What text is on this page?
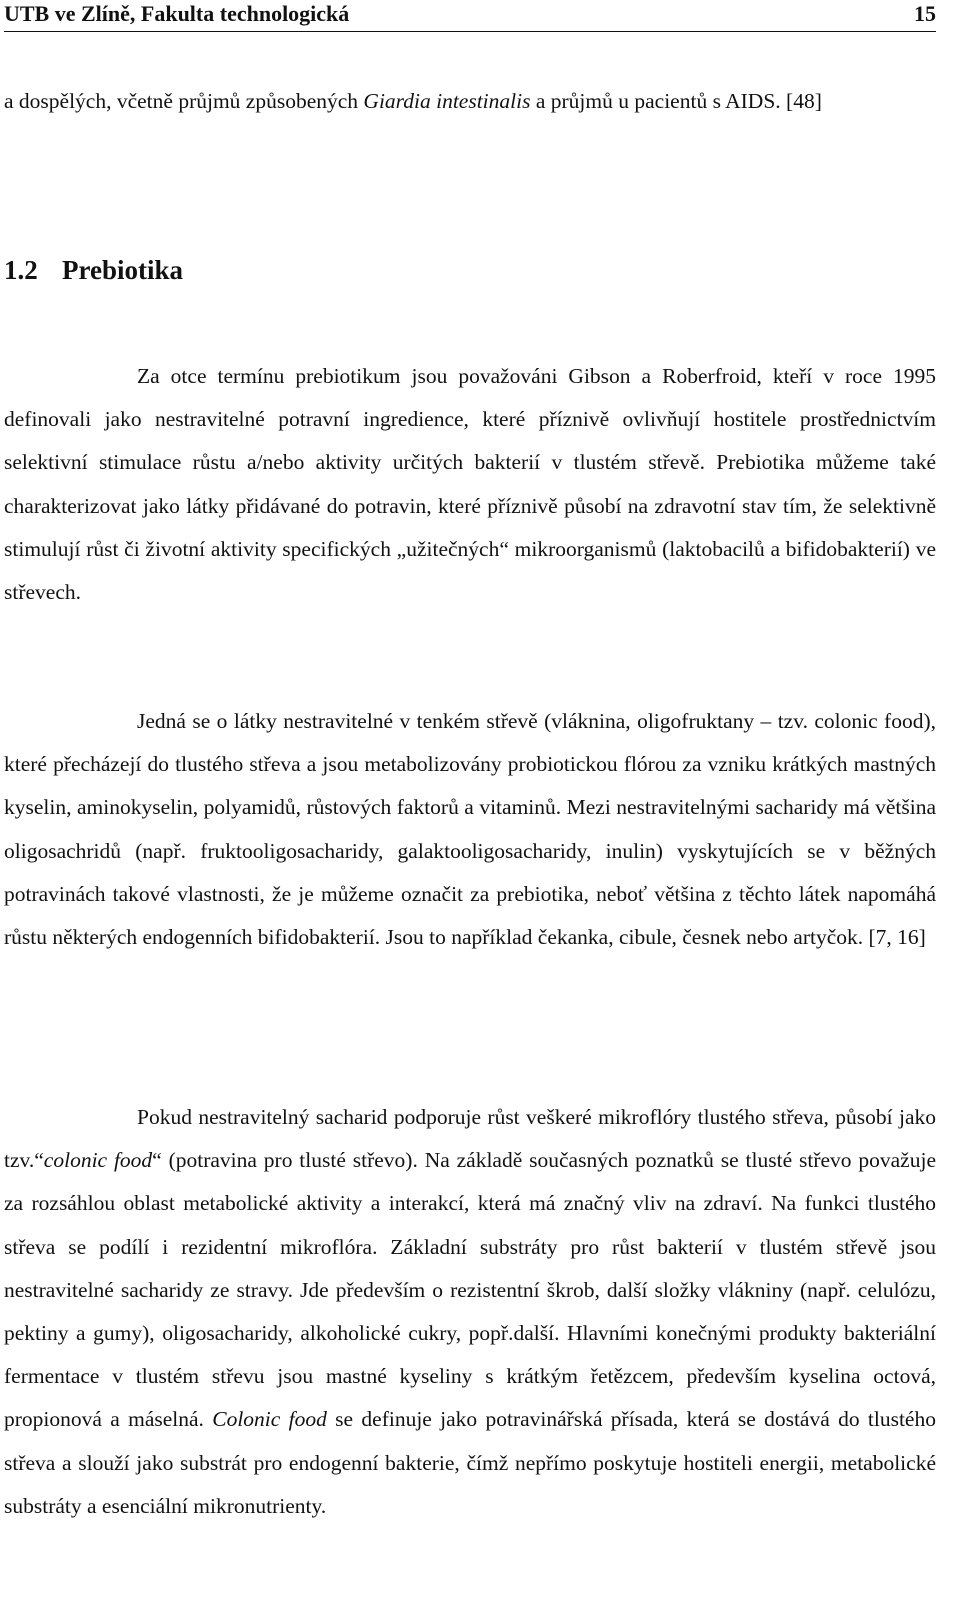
UTB ve Zlíně, Fakulta technologická	15

a dospělých, včetně průjmů způsobených Giardia intestinalis a průjmů u pacientů s AIDS. [48]

1.2 Prebiotika

Za otce termínu prebiotikum jsou považováni Gibson a Roberfroid, kteří v roce 1995 definovali jako nestravitelné potravní ingredience, které příznivě ovlivňují hostitele prostřednictvím selektivní stimulace růstu a/nebo aktivity určitých bakterií v tlustém střevě. Prebiotika můžeme také charakterizovat jako látky přidávané do potravin, které příznivě působí na zdravotní stav tím, že selektivně stimulují růst či životní aktivity specifických „užitečných“ mikroorganismů (laktobacilů a bifidobakterií) ve střevech.

Jedná se o látky nestravitelné v tenkém střevě (vláknina, oligofruktany – tzv. colonic food), které přecházejí do tlustého střeva a jsou metabolizovány probiotickou flórou za vzniku krátkých mastných kyselin, aminokyselin, polyamidů, růstových faktorů a vitaminů. Mezi nestravitelnými sacharidy má většina oligosachridů (např. fruktooligosacharidy, galaktooligosacharidy, inulin) vyskytujících se v běžných potravinách takové vlastnosti, že je můžeme označit za prebiotika, neboť většina z těchto látek napomáhá růstu některých endogenních bifidobakterií. Jsou to například čekanka, cibule, česnek nebo artyčok. [7, 16]

Pokud nestravitelný sacharid podporuje růst veškeré mikroflóry tlustého střeva, působí jako tzv.“colonic food“ (potravina pro tlusté střevo). Na základě současných poznatků se tlusté střevo považuje za rozsáhlou oblast metabolické aktivity a interakcí, která má značný vliv na zdraví. Na funkci tlustého střeva se podílí i rezidentní mikroflóra. Základní substráty pro růst bakterií v tlustém střevě jsou nestravitelné sacharidy ze stravy. Jde především o rezistentní škrob, další složky vlákniny (např. celulózu, pektiny a gumy), oligosacharidy, alkoholické cukry, popř.další. Hlavními konečnými produkty bakteriální fermentace v tlustém střevu jsou mastné kyseliny s krátkým řetězcem, především kyselina octová, propionová a máselná. Colonic food se definuje jako potravinářská přísada, která se dostává do tlustého střeva a slouží jako substrát pro endogenní bakterie, čímž nepřímo poskytuje hostiteli energii, metabolické substráty a esenciální mikronutrienty.
